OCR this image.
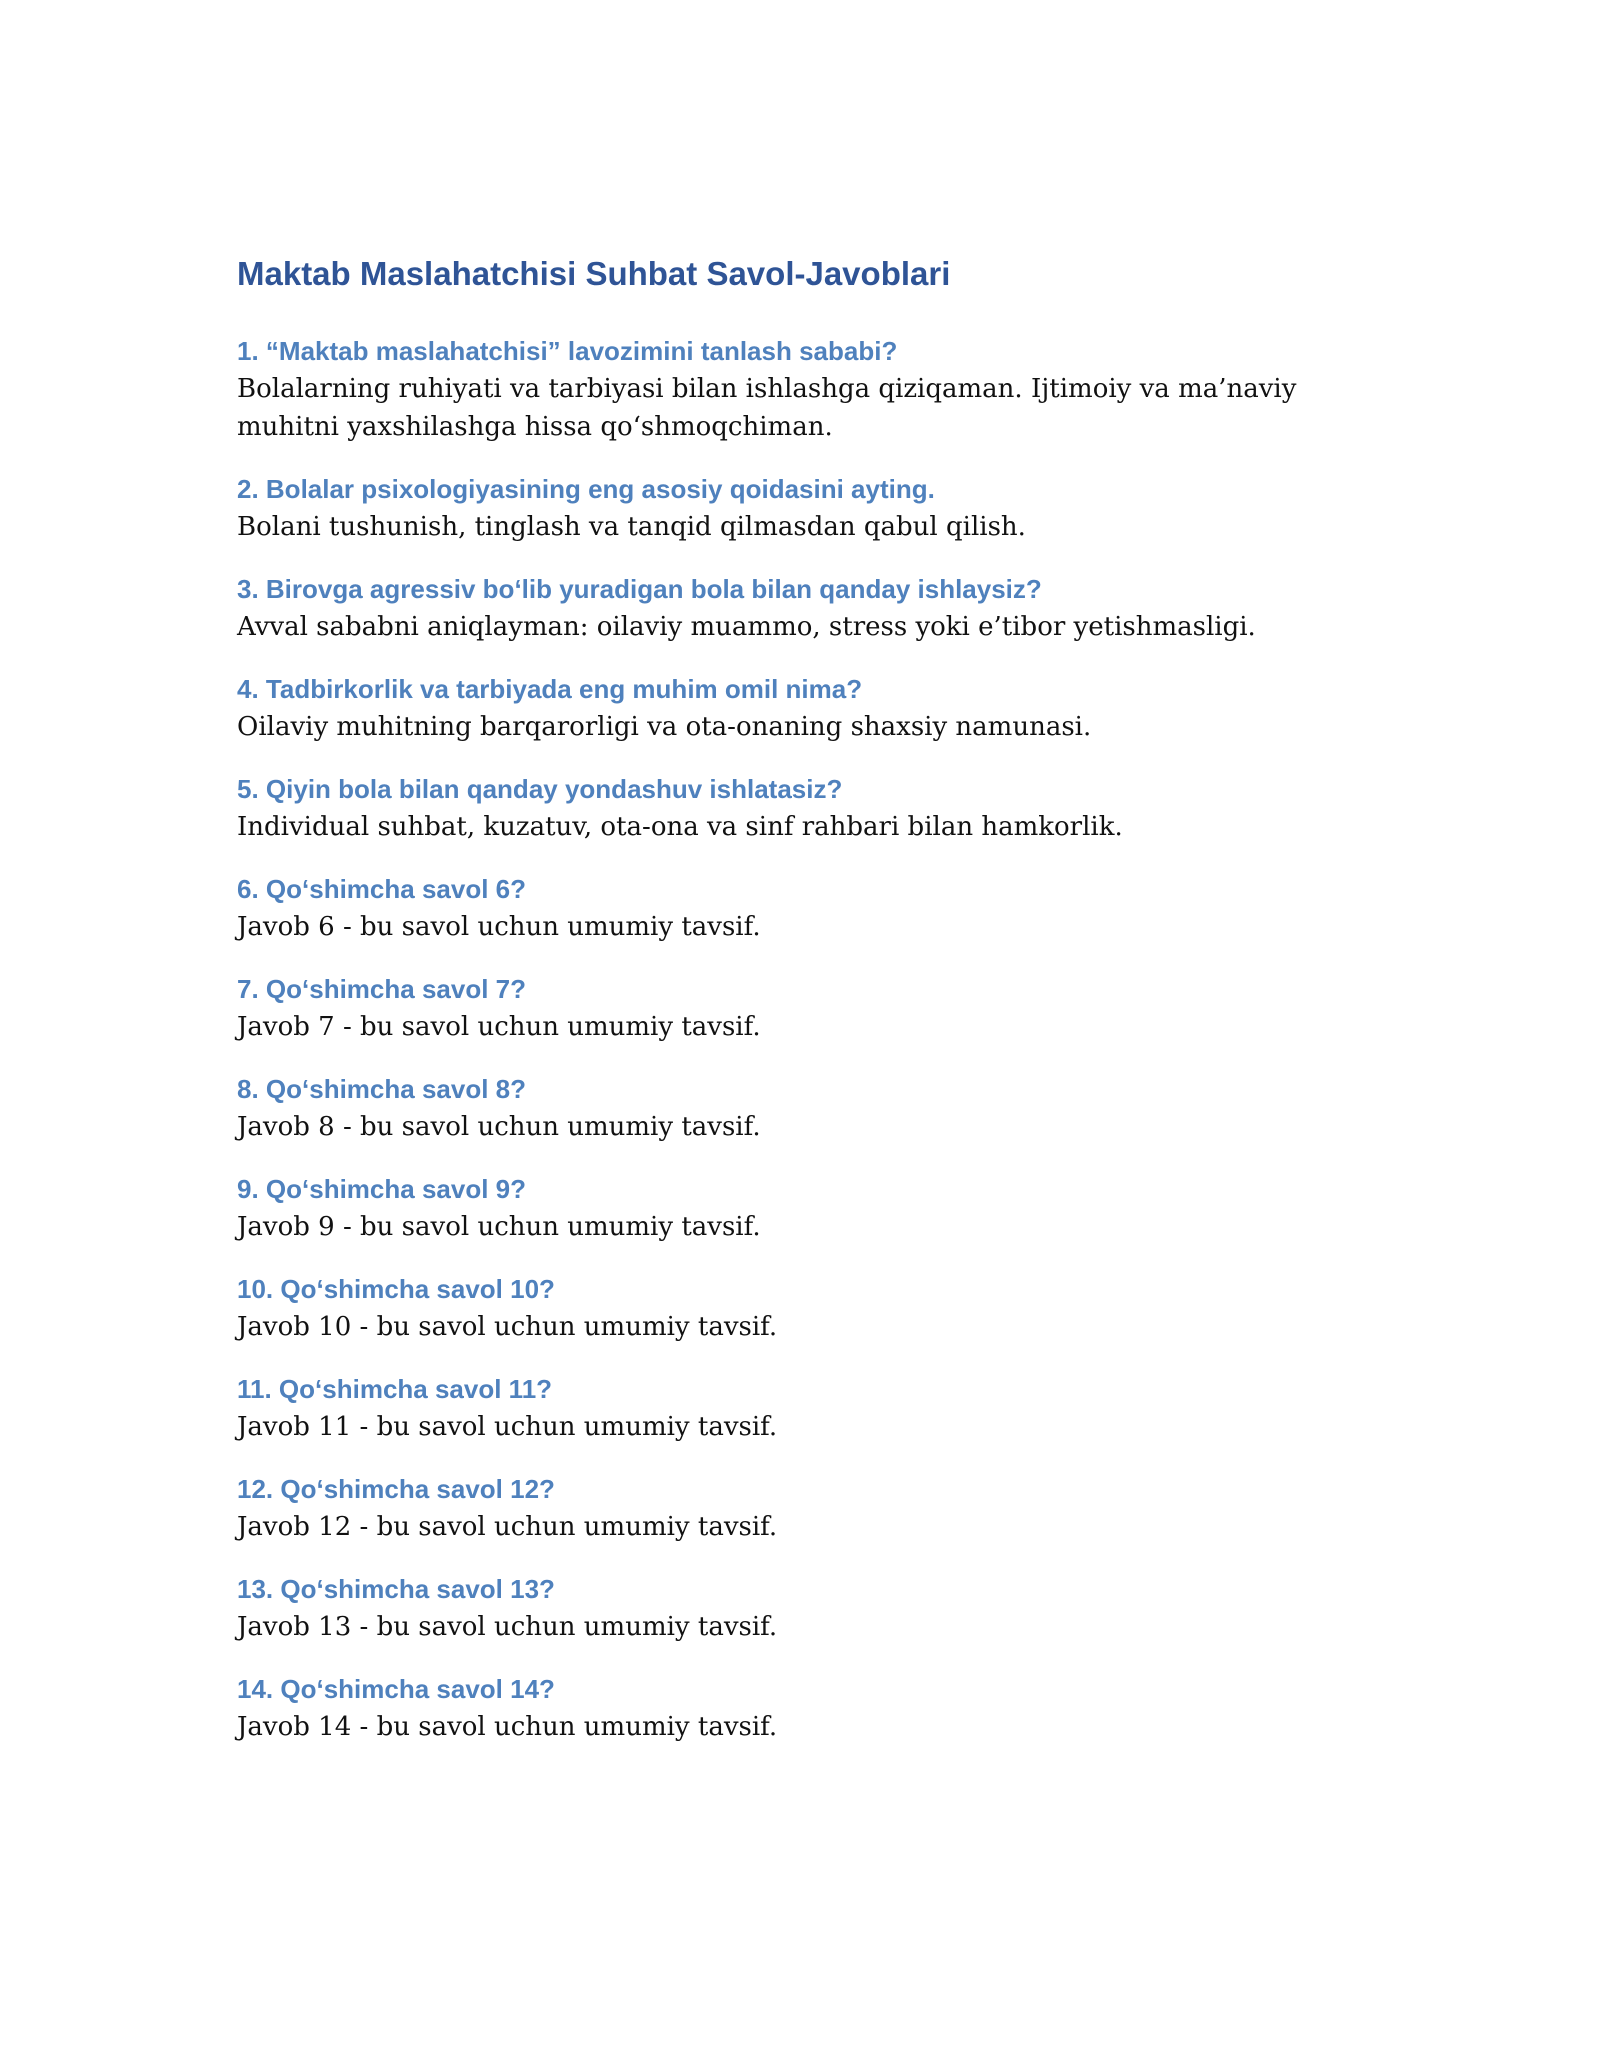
Maktab Maslahatchisi Suhbat Savol-Javoblari

1. “Maktab maslahatchisi” lavozimini tanlash sababi?

Bolalarning ruhiyati va tarbiyasi bilan ishlashga qiziqaman. Ijtimoiy va ma’naviy muhitni yaxshilashga hissa qo‘shmoqchiman.

2. Bolalar psixologiyasining eng asosiy qoidasini ayting.

Bolani tushunish, tinglash va tanqid qilmasdan qabul qilish.

3. Birovga agressiv bo‘lib yuradigan bola bilan qanday ishlaysiz?

Avval sababni aniqlayman: oilaviy muammo, stress yoki e’tibor yetishmasligi.

4. Tadbirkorlik va tarbiyada eng muhim omil nima?

Oilaviy muhitning barqarorligi va ota-onaning shaxsiy namunasi.

5. Qiyin bola bilan qanday yondashuv ishlatasiz?

Individual suhbat, kuzatuv, ota-ona va sinf rahbari bilan hamkorlik.

6. Qo‘shimcha savol 6?

Javob 6 - bu savol uchun umumiy tavsif.

7. Qo‘shimcha savol 7?

Javob 7 - bu savol uchun umumiy tavsif.

8. Qo‘shimcha savol 8?

Javob 8 - bu savol uchun umumiy tavsif.

9. Qo‘shimcha savol 9?

Javob 9 - bu savol uchun umumiy tavsif.

10. Qo‘shimcha savol 10?

Javob 10 - bu savol uchun umumiy tavsif.

11. Qo‘shimcha savol 11?

Javob 11 - bu savol uchun umumiy tavsif.

12. Qo‘shimcha savol 12?

Javob 12 - bu savol uchun umumiy tavsif.

13. Qo‘shimcha savol 13?

Javob 13 - bu savol uchun umumiy tavsif.

14. Qo‘shimcha savol 14?

Javob 14 - bu savol uchun umumiy tavsif.
